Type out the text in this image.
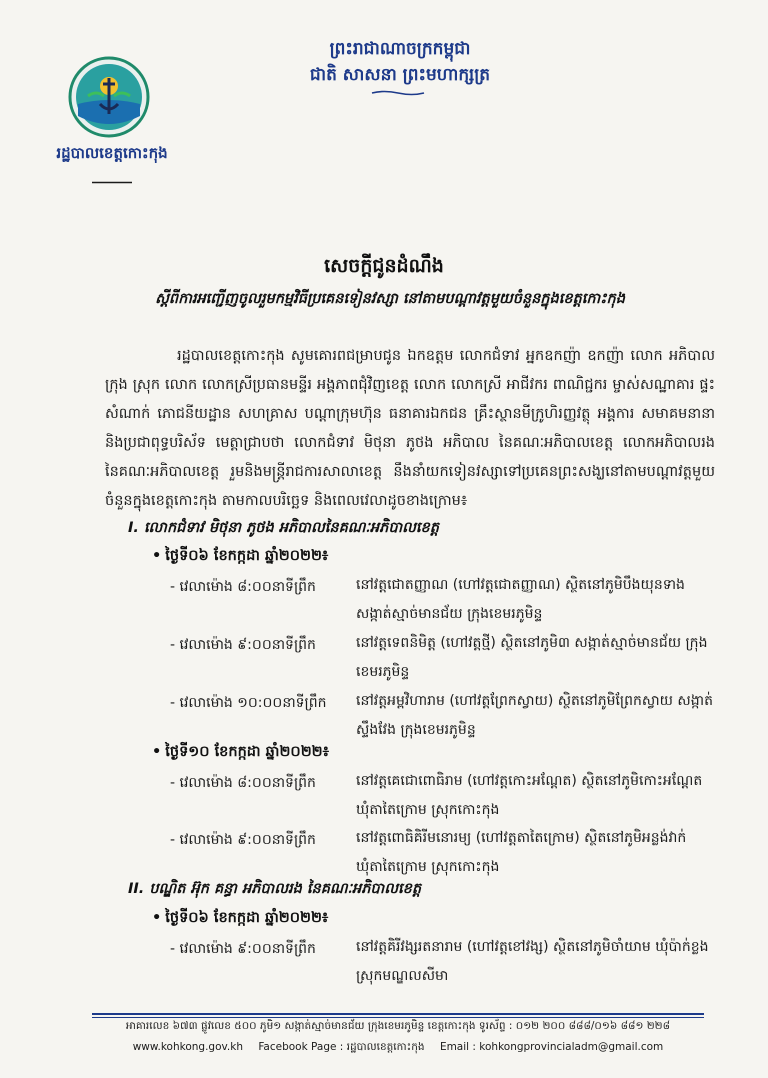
ព្រះរាជាណាចក្រកម្ពុជា
ជាតិ សាសនា ព្រះមហាក្សត្រ
រដ្ឋបាលខេត្តកោះកុង
សេចក្តីជូនដំណឹង
ស្តីពីការអញ្ជើញចូលរួមកម្មវិធីប្រគេនទៀនវស្សា នៅតាមបណ្តាវត្តមួយចំនួនក្នុងខេត្តកោះកុង
រដ្ឋបាលខេត្តកោះកុង សូមគោរពជម្រាបជូន ឯកឧត្តម លោកជំទាវ អ្នកឧកញ៉ា ឧកញ៉ា លោក អភិបាលក្រុង ស្រុក លោក លោកស្រីប្រធានមន្ទីរ អង្គភាពជុំវិញខេត្ត លោក លោកស្រី អាជីវករ ពាណិជ្ជករ ម្ចាស់សណ្ឋាគារ ផ្ទះសំណាក់ ភោជនីយដ្ឋាន សហគ្រាស បណ្តាក្រុមហ៊ុន ធនាគារឯកជន គ្រឹះស្ថានមីក្រូហិរញ្ញវត្ថុ អង្គការ សមាគមនានា និងប្រជាពុទ្ធបរិស័ទ មេត្តាជ្រាបថា លោកជំទាវ មិថុនា ភូថង អភិបាល នៃគណៈអភិបាលខេត្ត លោកអភិបាលរង នៃគណៈអភិបាលខេត្ត រួមនិងមន្ត្រីរាជការសាលាខេត្ត នឹងនាំយកទៀនវស្សាទៅប្រគេនព្រះសង្ឃនៅតាមបណ្តាវត្តមួយចំនួនក្នុងខេត្តកោះកុង តាមកាលបរិច្ឆេទ និងពេលវេលាដូចខាងក្រោម៖
I. លោកជំទាវ មិថុនា ភូថង អភិបាលនៃគណៈអភិបាលខេត្ត
• ថ្ងៃទី០៦ ខែកក្កដា ឆ្នាំ២០២២៖
- វេលាម៉ោង ៨:០០នាទីព្រឹក	នៅវត្តជោតញ្ញាណ (ហៅវត្តជោតញ្ញាណ) ស្ថិតនៅភូមិបឹងយុនទាង សង្កាត់ស្មាច់មានជ័យ ក្រុងខេមរភូមិន្ទ
- វេលាម៉ោង ៩:០០នាទីព្រឹក	នៅវត្តទេពនិមិត្ត (ហៅវត្តថ្មី) ស្ថិតនៅភូមិ៣ សង្កាត់ស្មាច់មានជ័យ ក្រុងខេមរភូមិន្ទ
- វេលាម៉ោង ១០:០០នាទីព្រឹក នៅវត្តអម្ពវិហារាម (ហៅវត្តព្រែកស្វាយ) ស្ថិតនៅភូមិព្រែកស្វាយ សង្កាត់ស្ទឹងវែង ក្រុងខេមរភូមិន្ទ
• ថ្ងៃទី១០ ខែកក្កដា ឆ្នាំ២០២២៖
- វេលាម៉ោង ៨:០០នាទីព្រឹក	នៅវត្តគេជោពោធិរាម (ហៅវត្តកោះអណ្តែត) ស្ថិតនៅភូមិកោះអណ្តែត ឃុំតាតៃក្រោម ស្រុកកោះកុង
- វេលាម៉ោង ៩:០០នាទីព្រឹក	នៅវត្តពោធិគិរីមនោរម្យ (ហៅវត្តតាតៃក្រោម) ស្ថិតនៅភូមិអន្លង់វាក់ ឃុំតាតៃក្រោម ស្រុកកោះកុង
II. បណ្ឌិត អ៊ុក គន្ធា អភិបាលរង នៃគណៈអភិបាលខេត្ត
• ថ្ងៃទី០៦ ខែកក្កដា ឆ្នាំ២០២២៖
- វេលាម៉ោង ៩:០០នាទីព្រឹក	នៅវត្តគិរីវង្សរតនារាម (ហៅវត្តខៅវង្ស) ស្ថិតនៅភូមិចាំយាម ឃុំប៉ាក់ខ្លង ស្រុកមណ្ឌលសីមា
អាគារលេខ ៦៧៣ ផ្លូវលេខ ៥០០ ភូមិ១ សង្កាត់ស្មាច់មានជ័យ ក្រុងខេមរភូមិន្ទ ខេត្តកោះកុង ទូរស័ព្ទ : ០១២ ២០០ ៨៨៨/០១៦ ៨៨១ ២២៨
www.kohkong.gov.kh Facebook Page : រដ្ឋបាលខេត្តកោះកុង Email : kohkongprovincialadm@gmail.com
